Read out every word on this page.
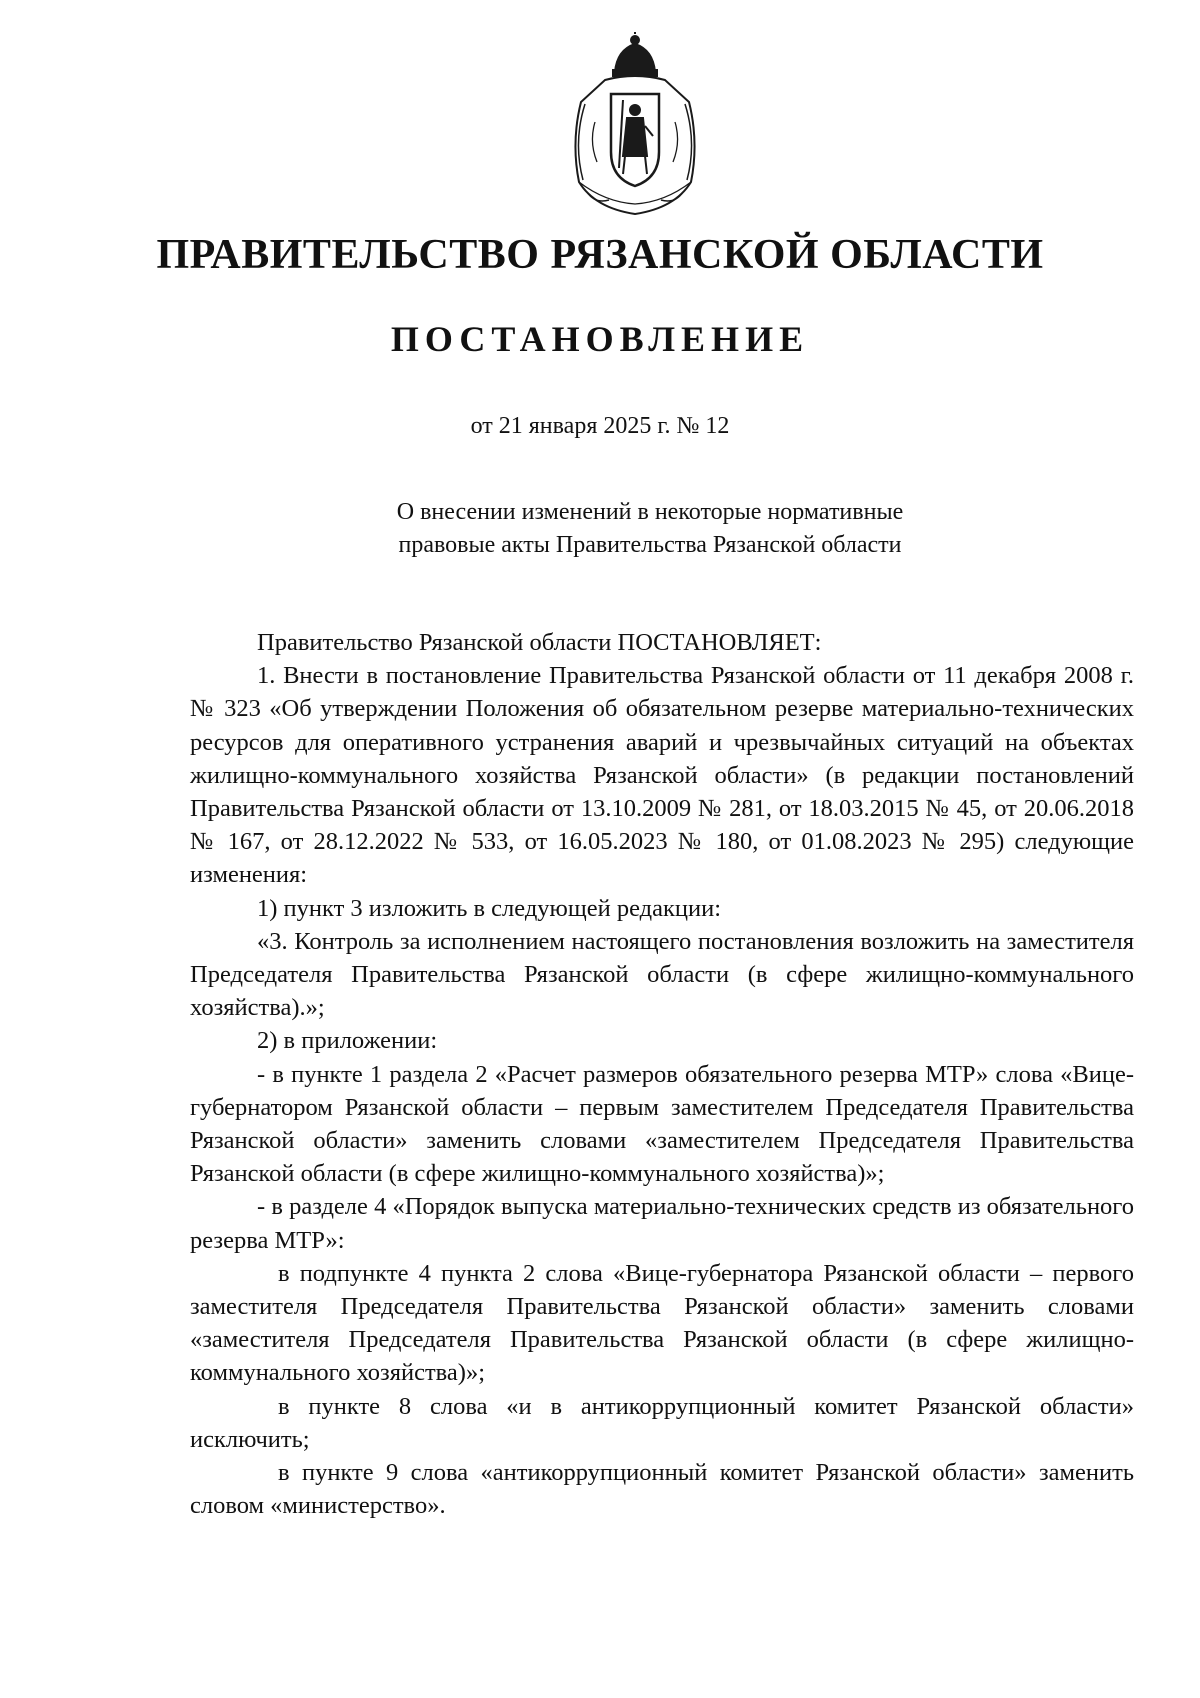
ПРАВИТЕЛЬСТВО РЯЗАНСКОЙ ОБЛАСТИ
ПОСТАНОВЛЕНИЕ
от 21 января 2025 г. № 12
О внесении изменений в некоторые нормативные
правовые акты Правительства Рязанской области

Правительство Рязанской области ПОСТАНОВЛЯЕТ:

1. Внести в постановление Правительства Рязанской области от 11 декабря 2008 г. № 323 «Об утверждении Положения об обязательном резерве материально-технических ресурсов для оперативного устранения аварий и чрезвычайных ситуаций на объектах жилищно-коммунального хозяйства Рязанской области» (в редакции постановлений Правительства Рязанской области от 13.10.2009 № 281, от 18.03.2015 № 45, от 20.06.2018 № 167, от 28.12.2022 № 533, от 16.05.2023 № 180, от 01.08.2023 № 295) следующие изменения:

1) пункт 3 изложить в следующей редакции:

«3. Контроль за исполнением настоящего постановления возложить на заместителя Председателя Правительства Рязанской области (в сфере жилищно-коммунального хозяйства).»;

2) в приложении:

- в пункте 1 раздела 2 «Расчет размеров обязательного резерва МТР» слова «Вице-губернатором Рязанской области – первым заместителем Председателя Правительства Рязанской области» заменить словами «заместителем Председателя Правительства Рязанской области (в сфере жилищно-коммунального хозяйства)»;

- в разделе 4 «Порядок выпуска материально-технических средств из обязательного резерва МТР»:

в подпункте 4 пункта 2 слова «Вице-губернатора Рязанской области – первого заместителя Председателя Правительства Рязанской области» заменить словами «заместителя Председателя Правительства Рязанской области (в сфере жилищно-коммунального хозяйства)»;

в пункте 8 слова «и в антикоррупционный комитет Рязанской области» исключить;

в пункте 9 слова «антикоррупционный комитет Рязанской области» заменить словом «министерство».
